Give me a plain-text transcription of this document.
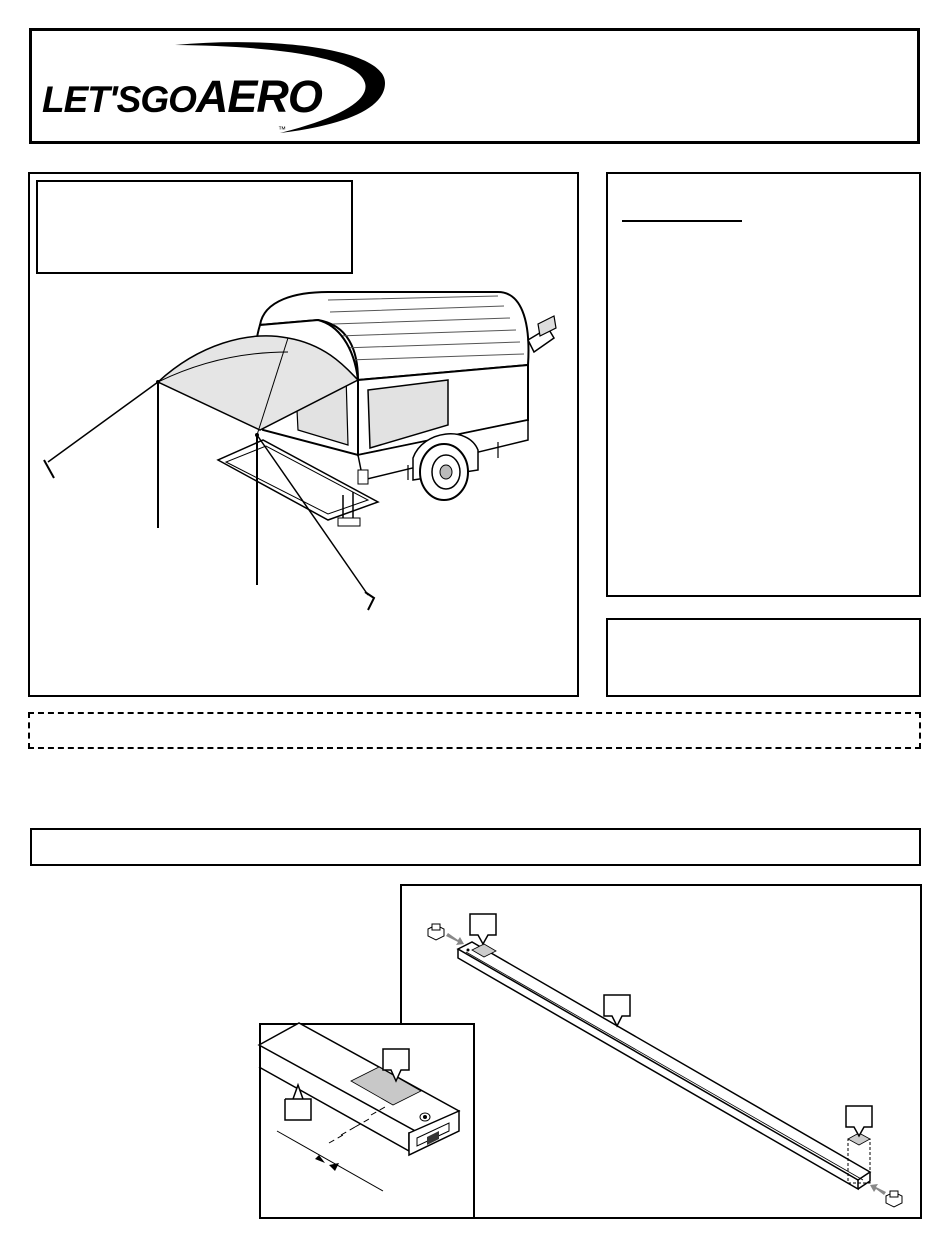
LET'SGOAERO
™
